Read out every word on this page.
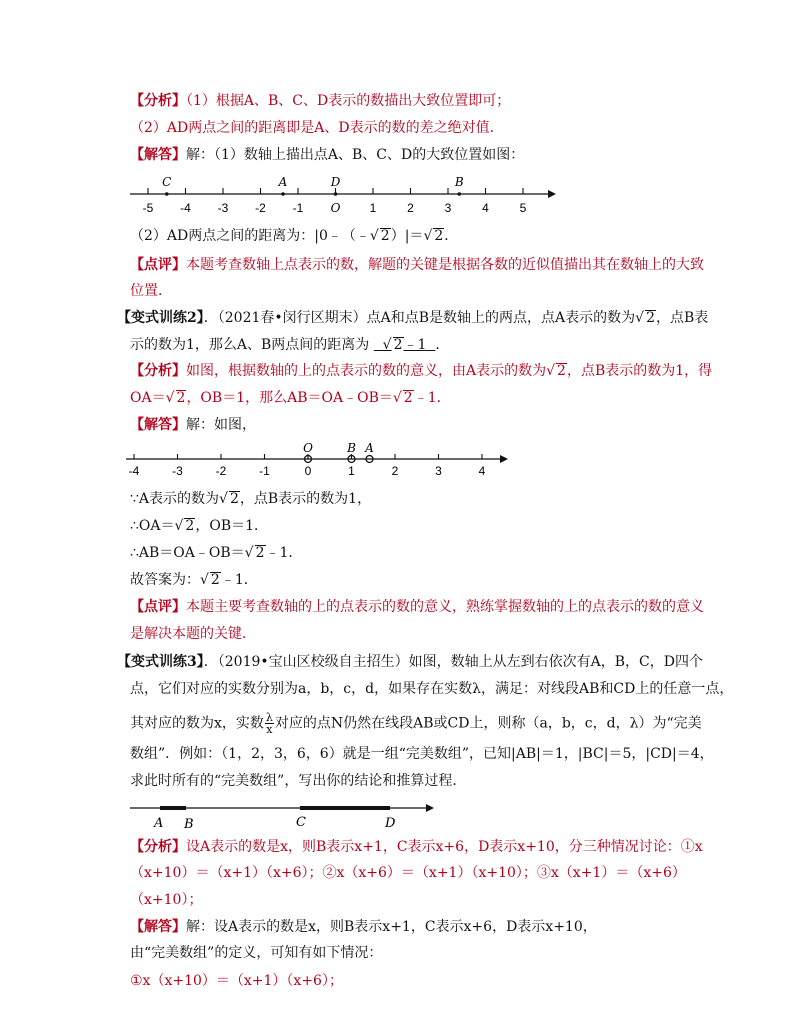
【分析】（1）根据A、B、C、D表示的数描出大致位置即可；
（2）AD两点之间的距离即是A、D表示的数的差之绝对值．
【解答】解：（1）数轴上描出点A、B、C、D的大致位置如图：
-5 -4 -3 -2 -1	1	2	3	4	5
C	A	D	B
O
（2）AD两点之间的距离为：|0﹣（﹣√ 2）|＝√ 2．
【点评】本题考查数轴上点表示的数，解题的关键是根据各数的近似值描出其在数轴上的大致
位置．
【变式训练2】．（2021春•闵行区期末）点A和点B是数轴上的两点，点A表示的数为√ 2，点B表
示的数为1，那么A、B两点间的距离为   √ 2﹣1 ．
【分析】如图，根据数轴的上的点表示的数的意义，由A表示的数为√ 2，点B表示的数为1，得
OA＝√ 2，OB＝1，那么AB＝OA﹣OB＝√ 2﹣1．
【解答】解：如图，
-4	-3	-2	-1	0	1	2	3	4
O	B A
∵A表示的数为√ 2，点B表示的数为1，
∴OA＝√ 2，OB＝1．
∴AB＝OA﹣OB＝√ 2﹣1．
故答案为：√ 2﹣1．
【点评】本题主要考查数轴的上的点表示的数的意义，熟练掌握数轴的上的点表示的数的意义
是解决本题的关键．
【变式训练3】．（2019•宝山区校级自主招生）如图，数轴上从左到右依次有A，B，C，D四个
点，它们对应的实数分别为a，b，c，d，如果存在实数λ，满足：对线段AB和CD上的任意一点，
其对应的数为x，实数 $\frac{\lambda}{x}$ 对应的点N仍然在线段AB或CD上，则称（a，b，c，d，λ）为“完美
数组”．例如：（1，2，3，6，6）就是一组“完美数组”，已知|AB|＝1，|BC|＝5，|CD|＝4，
求此时所有的“完美数组”，写出你的结论和推算过程．
A B	C	D
【分析】设A表示的数是x，则B表示x+1，C表示x+6，D表示x+10，分三种情况讨论：①x
（x+10）＝（x+1）（x+6）；②x（x+6）＝（x+1）（x+10）；③x（x+1）＝（x+6）
（x+10）；
【解答】解：设A表示的数是x，则B表示x+1，C表示x+6，D表示x+10，
由“完美数组”的定义，可知有如下情况：
①x（x+10）＝（x+1）（x+6）；
